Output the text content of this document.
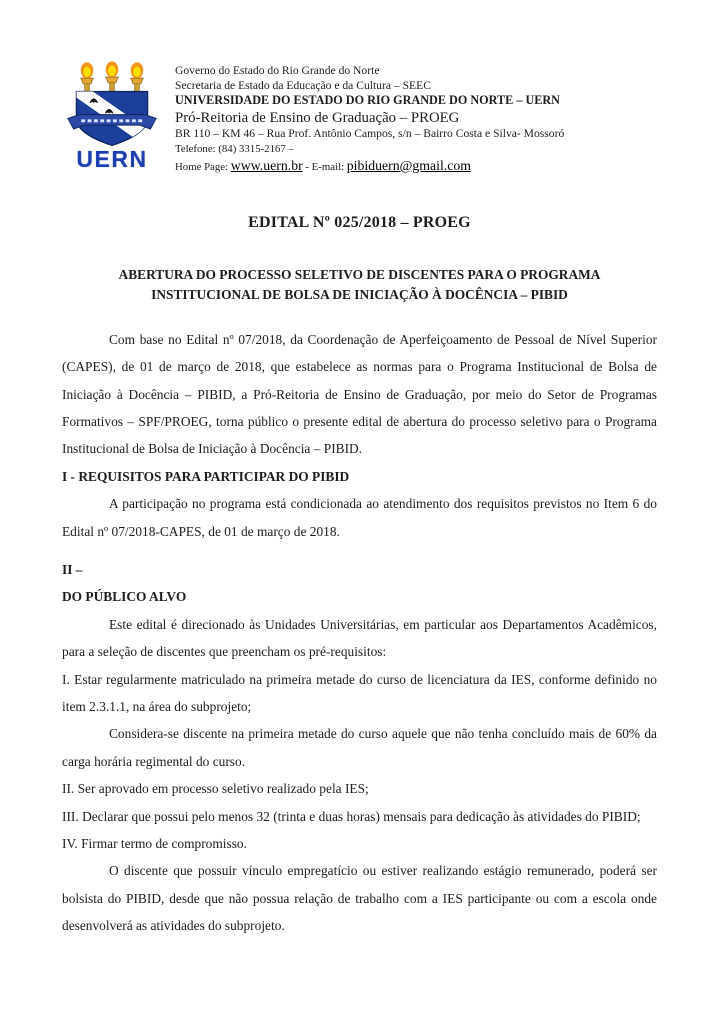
UERN
Governo do Estado do Rio Grande do Norte
Secretaria de Estado da Educação e da Cultura – SEEC
UNIVERSIDADE DO ESTADO DO RIO GRANDE DO NORTE – UERN
Pró-Reitoria de Ensino de Graduação – PROEG
BR 110 – KM 46 – Rua Prof. Antônio Campos, s/n – Bairro Costa e Silva- Mossoró
Telefone: (84) 3315-2167 –
Home Page: www.uern.br - E-mail: pibiduern@gmail.com
EDITAL Nº 025/2018 – PROEG
ABERTURA DO PROCESSO SELETIVO DE DISCENTES PARA O PROGRAMA INSTITUCIONAL DE BOLSA DE INICIAÇÃO À DOCÊNCIA – PIBID

Com base no Edital nº 07/2018, da Coordenação de Aperfeiçoamento de Pessoal de Nível Superior (CAPES), de 01 de março de 2018, que estabelece as normas para o Programa Institucional de Bolsa de Iniciação à Docência – PIBID, a Pró-Reitoria de Ensino de Graduação, por meio do Setor de Programas Formativos – SPF/PROEG, torna público o presente edital de abertura do processo seletivo para o Programa Institucional de Bolsa de Iniciação à Docência – PIBID.

I - REQUISITOS PARA PARTICIPAR DO PIBID

A participação no programa está condicionada ao atendimento dos requisitos previstos no Item 6 do Edital nº 07/2018-CAPES, de 01 de março de 2018.

II –
DO PÚBLICO ALVO

Este edital é direcionado às Unidades Universitárias, em particular aos Departamentos Acadêmicos, para a seleção de discentes que preencham os pré-requisitos:

I. Estar regularmente matriculado na primeira metade do curso de licenciatura da IES, conforme definido no item 2.3.1.1, na área do subprojeto;

Considera-se discente na primeira metade do curso aquele que não tenha concluído mais de 60% da carga horária regimental do curso.

II. Ser aprovado em processo seletivo realizado pela IES;

III. Declarar que possui pelo menos 32 (trinta e duas horas) mensais para dedicação às atividades do PIBID;

IV. Firmar termo de compromisso.

O discente que possuir vínculo empregatício ou estiver realizando estágio remunerado, poderá ser bolsista do PIBID, desde que não possua relação de trabalho com a IES participante ou com a escola onde desenvolverá as atividades do subprojeto.
